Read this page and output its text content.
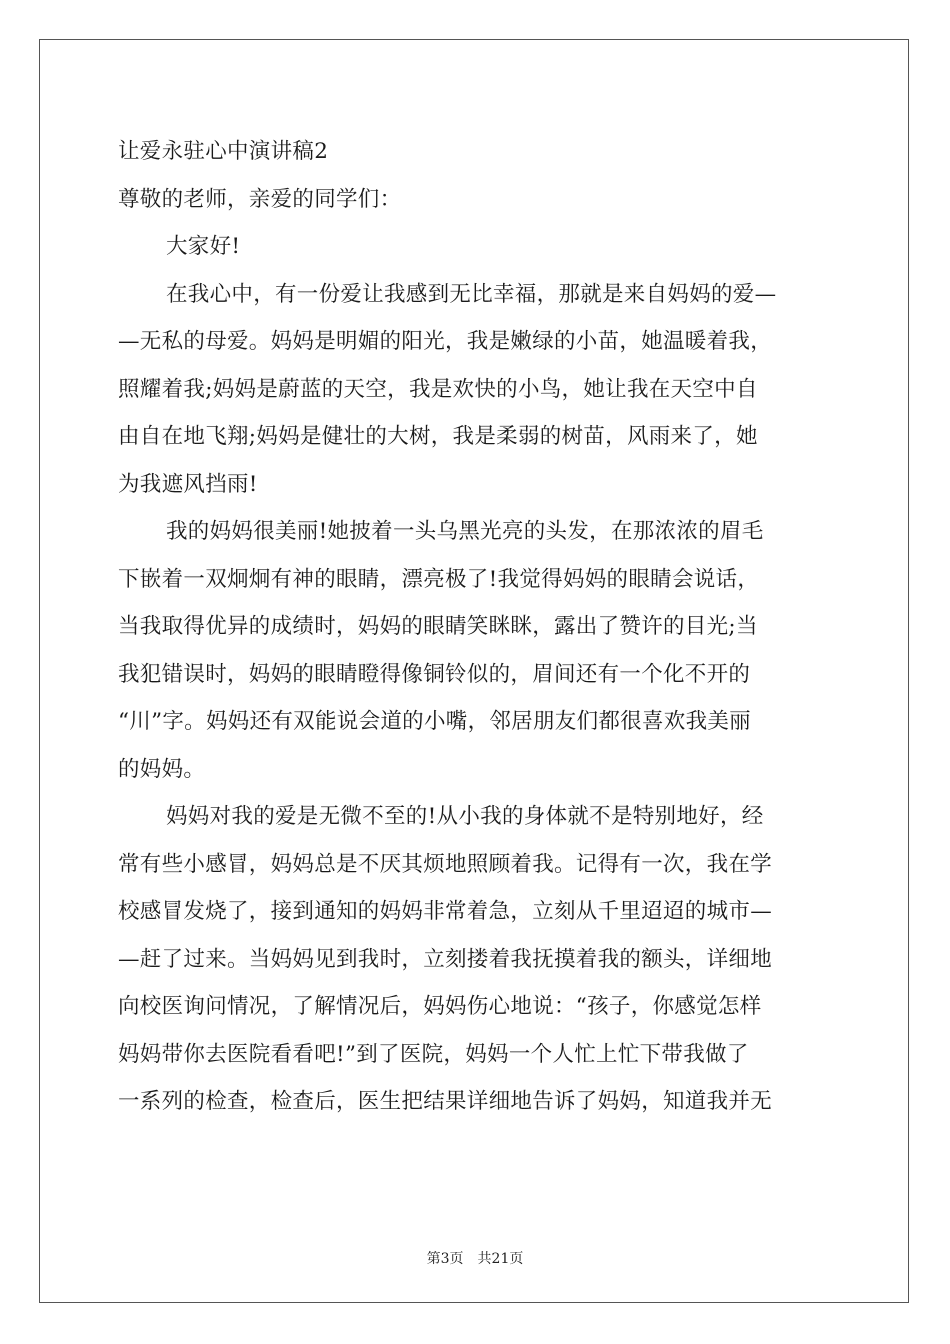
让爱永驻心中演讲稿2

尊敬的老师，亲爱的同学们：

大家好!

在我心中，有一份爱让我感到无比幸福，那就是来自妈妈的爱—

—无私的母爱。妈妈是明媚的阳光，我是嫩绿的小苗，她温暖着我，

照耀着我;妈妈是蔚蓝的天空，我是欢快的小鸟，她让我在天空中自

由自在地飞翔;妈妈是健壮的大树，我是柔弱的树苗，风雨来了，她

为我遮风挡雨!

我的妈妈很美丽!她披着一头乌黑光亮的头发，在那浓浓的眉毛

下嵌着一双炯炯有神的眼睛，漂亮极了!我觉得妈妈的眼睛会说话，

当我取得优异的成绩时，妈妈的眼睛笑眯眯，露出了赞许的目光;当

我犯错误时，妈妈的眼睛瞪得像铜铃似的，眉间还有一个化不开的

“川”字。妈妈还有双能说会道的小嘴，邻居朋友们都很喜欢我美丽

的妈妈。

妈妈对我的爱是无微不至的!从小我的身体就不是特别地好，经

常有些小感冒，妈妈总是不厌其烦地照顾着我。记得有一次，我在学

校感冒发烧了，接到通知的妈妈非常着急，立刻从千里迢迢的城市—

—赶了过来。当妈妈见到我时，立刻搂着我抚摸着我的额头，详细地

向校医询问情况，了解情况后，妈妈伤心地说：“孩子，你感觉怎样

妈妈带你去医院看看吧!”到了医院，妈妈一个人忙上忙下带我做了

一系列的检查，检查后，医生把结果详细地告诉了妈妈，知道我并无

第3页 共21页
